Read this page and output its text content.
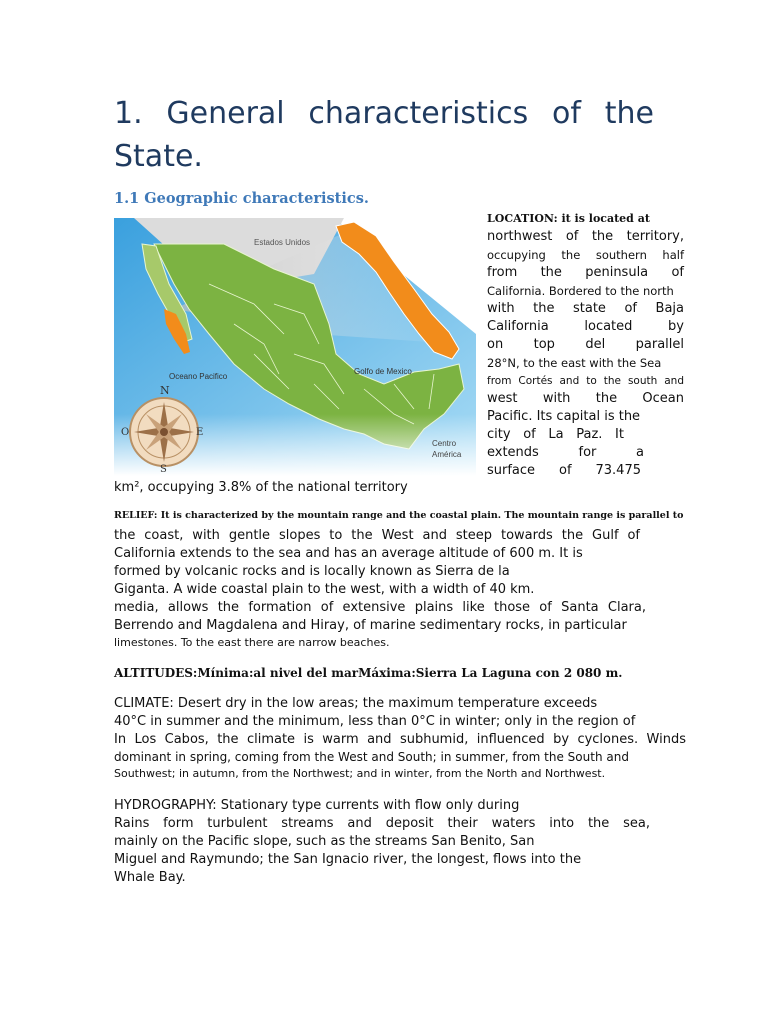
1. General characteristics of the
State.
1.1 Geographic characteristics.
Estados Unidos
Oceano Pacifico
Golfo de Mexico
Centro
América
N
S
E
O
LOCATION: it is located at
northwest of the territory,
occupying the southern half
from the peninsula of
California. Bordered to the north
with the state of Baja
California located by
on top del parallel
28°N, to the east with the Sea
from Cortés and to the south and
west with the Ocean
Pacific. Its capital is the
city of La Paz. It
extends for a
surface of 73.475
km², occupying 3.8% of the national territory
RELIEF: It is characterized by the mountain range and the coastal plain. The mountain range is parallel to
the coast, with gentle slopes to the West and steep towards the Gulf of
California extends to the sea and has an average altitude of 600 m. It is
formed by volcanic rocks and is locally known as Sierra de la
Giganta. A wide coastal plain to the west, with a width of 40 km.
media, allows the formation of extensive plains like those of Santa Clara,
Berrendo and Magdalena and Hiray, of marine sedimentary rocks, in particular
limestones. To the east there are narrow beaches.
ALTITUDES:Mínima:al nivel del marMáxima:Sierra La Laguna con 2 080 m.
CLIMATE: Desert dry in the low areas; the maximum temperature exceeds
40°C in summer and the minimum, less than 0°C in winter; only in the region of
In Los Cabos, the climate is warm and subhumid, influenced by cyclones. Winds
dominant in spring, coming from the West and South; in summer, from the South and
Southwest; in autumn, from the Northwest; and in winter, from the North and Northwest.
HYDROGRAPHY: Stationary type currents with flow only during
Rains form turbulent streams and deposit their waters into the sea,
mainly on the Pacific slope, such as the streams San Benito, San
Miguel and Raymundo; the San Ignacio river, the longest, flows into the
Whale Bay.
